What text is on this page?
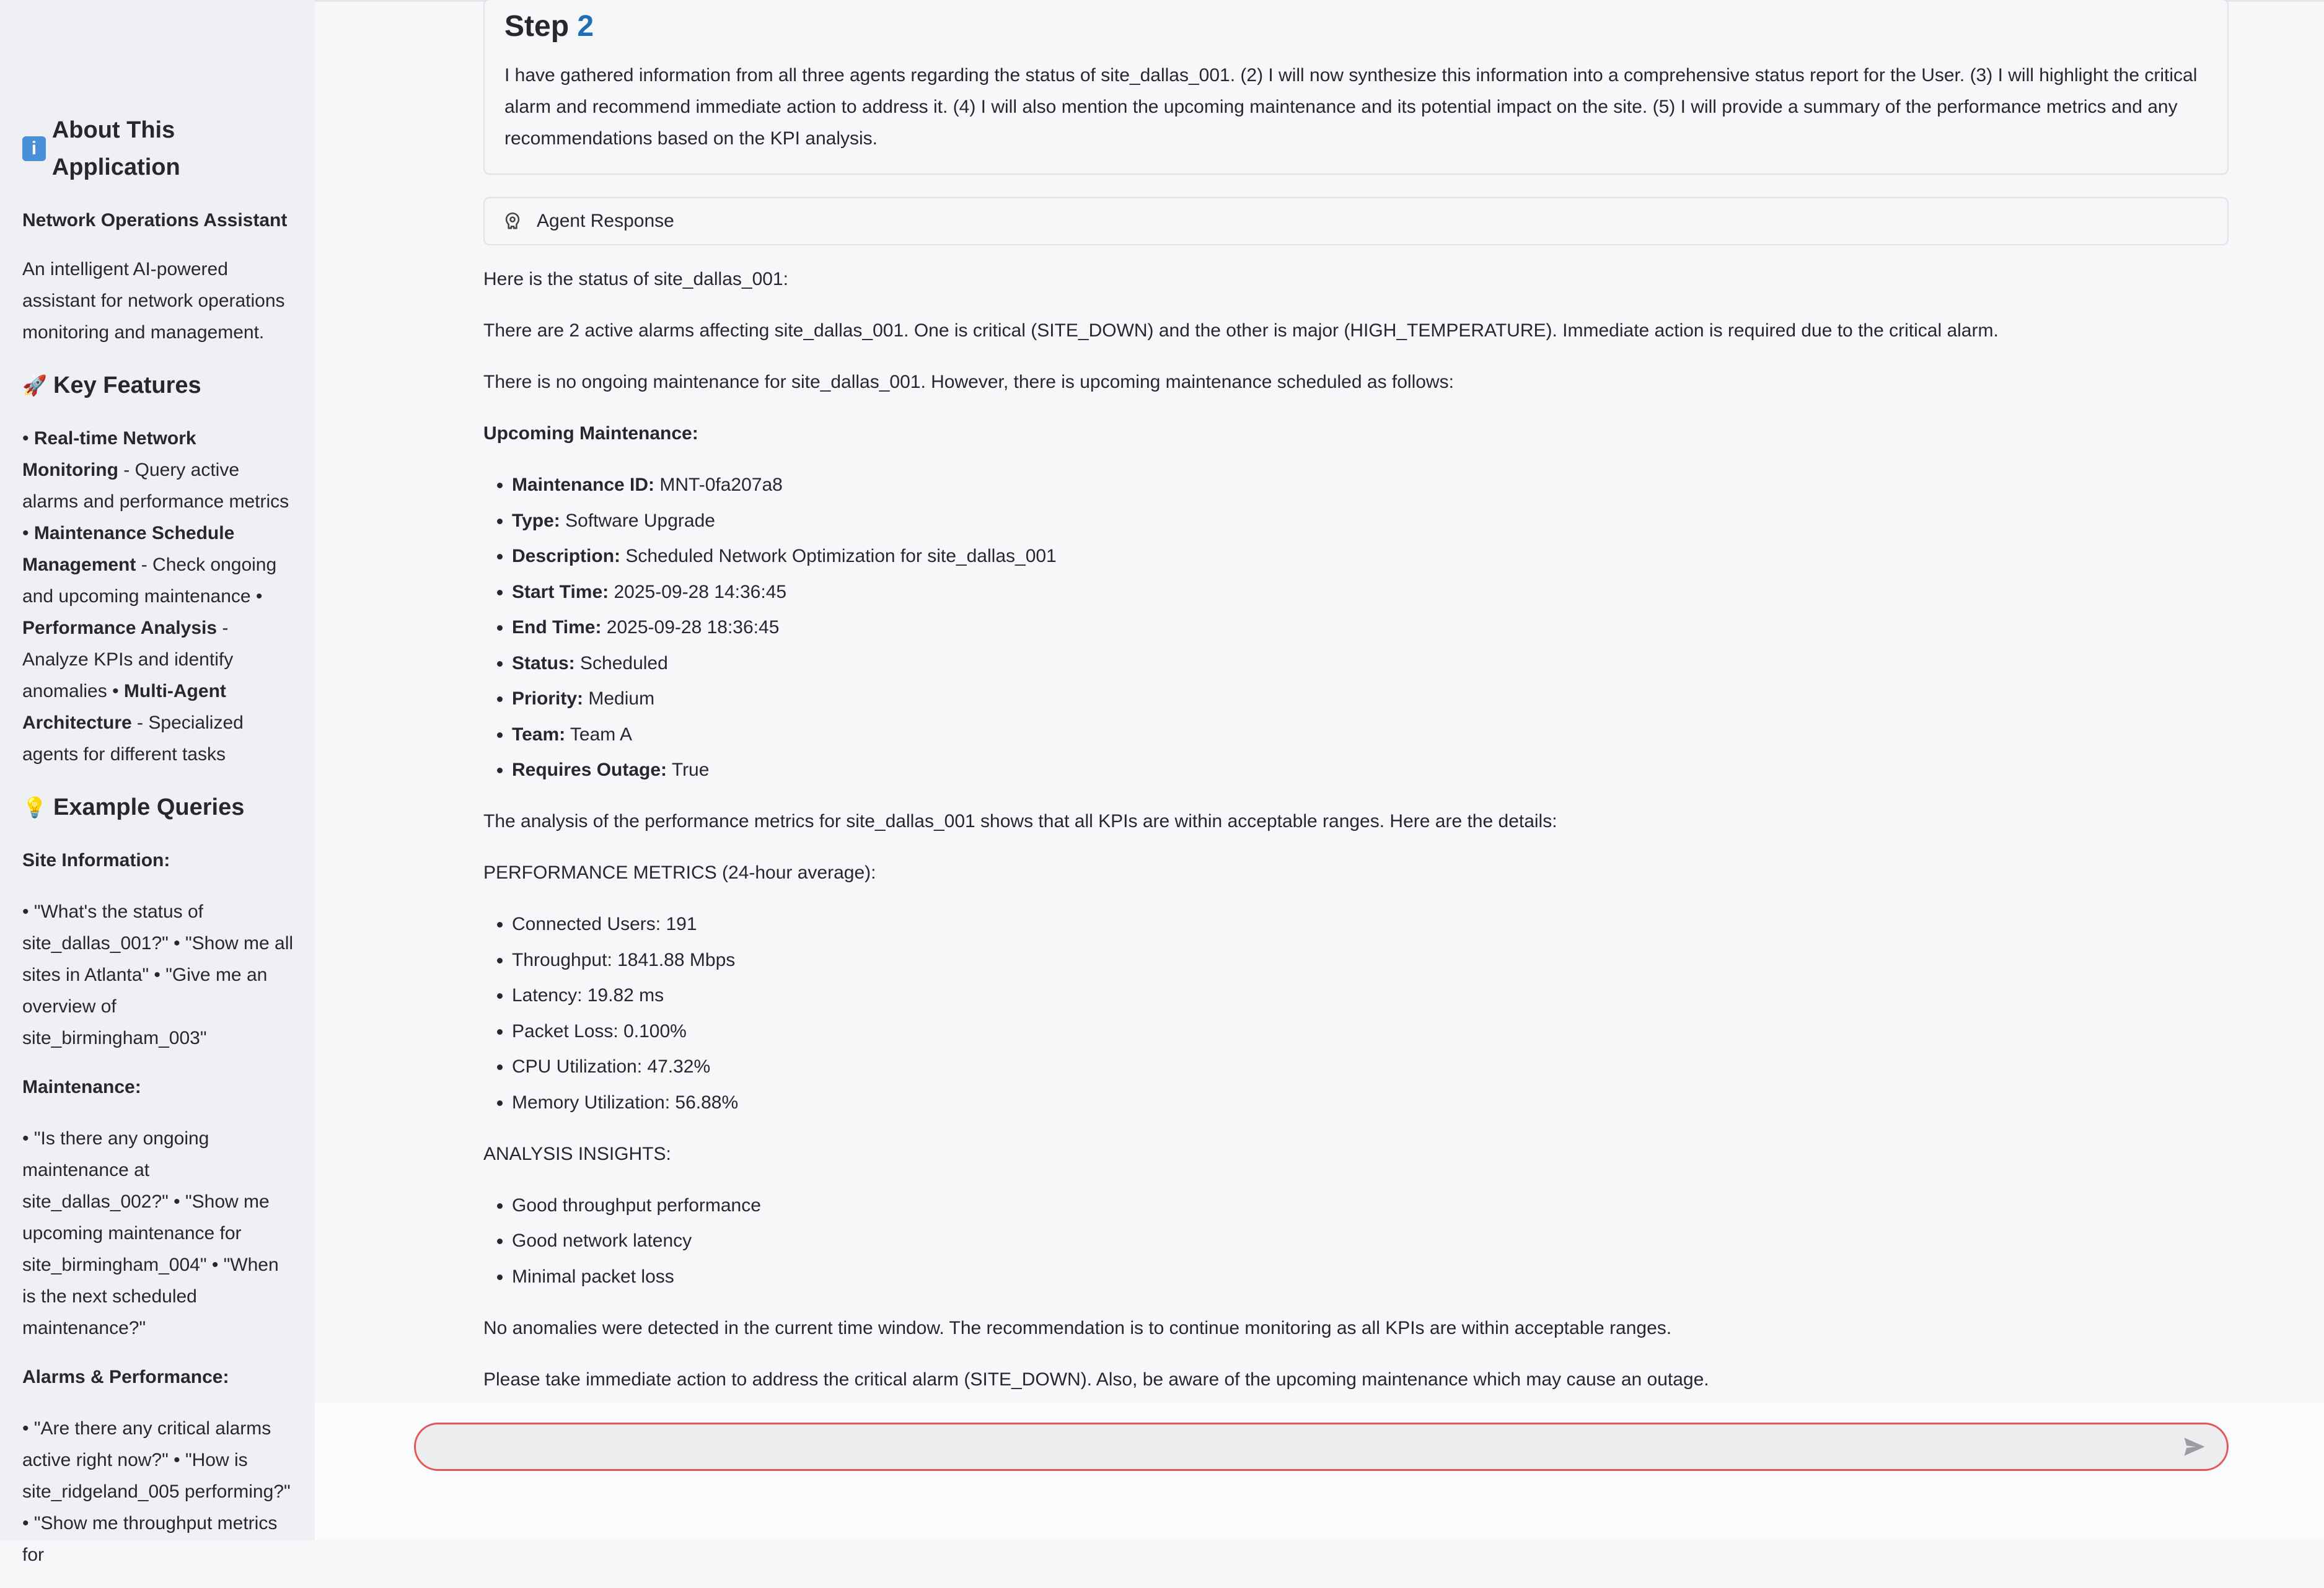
i
About This Application

Network Operations Assistant

An intelligent AI-powered assistant for network operations monitoring and management.

🚀 Key Features

• Real-time Network Monitoring - Query active alarms and performance metrics • Maintenance Schedule Management - Check ongoing and upcoming maintenance • Performance Analysis - Analyze KPIs and identify anomalies • Multi-Agent Architecture - Specialized agents for different tasks

💡 Example Queries

Site Information:

• "What's the status of site_dallas_001?" • "Show me all sites in Atlanta" • "Give me an overview of site_birmingham_003"

Maintenance:

• "Is there any ongoing maintenance at site_dallas_002?" • "Show me upcoming maintenance for site_birmingham_004" • "When is the next scheduled maintenance?"

Alarms & Performance:

• "Are there any critical alarms active right now?" • "How is site_ridgeland_005 performing?" • "Show me throughput metrics for

Step 2
I have gathered information from all three agents regarding the status of site_dallas_001. (2) I will now synthesize this information into a comprehensive status report for the User. (3) I will highlight the critical alarm and recommend immediate action to address it. (4) I will also mention the upcoming maintenance and its potential impact on the site. (5) I will provide a summary of the performance metrics and any recommendations based on the KPI analysis.
Agent Response

Here is the status of site_dallas_001:

There are 2 active alarms affecting site_dallas_001. One is critical (SITE_DOWN) and the other is major (HIGH_TEMPERATURE). Immediate action is required due to the critical alarm.

There is no ongoing maintenance for site_dallas_001. However, there is upcoming maintenance scheduled as follows:

Upcoming Maintenance:

• Maintenance ID: MNT-0fa207a8
• Type: Software Upgrade
• Description: Scheduled Network Optimization for site_dallas_001
• Start Time: 2025-09-28 14:36:45
• End Time: 2025-09-28 18:36:45
• Status: Scheduled
• Priority: Medium
• Team: Team A
• Requires Outage: True

The analysis of the performance metrics for site_dallas_001 shows that all KPIs are within acceptable ranges. Here are the details:

PERFORMANCE METRICS (24-hour average):

• Connected Users: 191
• Throughput: 1841.88 Mbps
• Latency: 19.82 ms
• Packet Loss: 0.100%
• CPU Utilization: 47.32%
• Memory Utilization: 56.88%

ANALYSIS INSIGHTS:

• Good throughput performance
• Good network latency
• Minimal packet loss

No anomalies were detected in the current time window. The recommendation is to continue monitoring as all KPIs are within acceptable ranges.

Please take immediate action to address the critical alarm (SITE_DOWN). Also, be aware of the upcoming maintenance which may cause an outage.
